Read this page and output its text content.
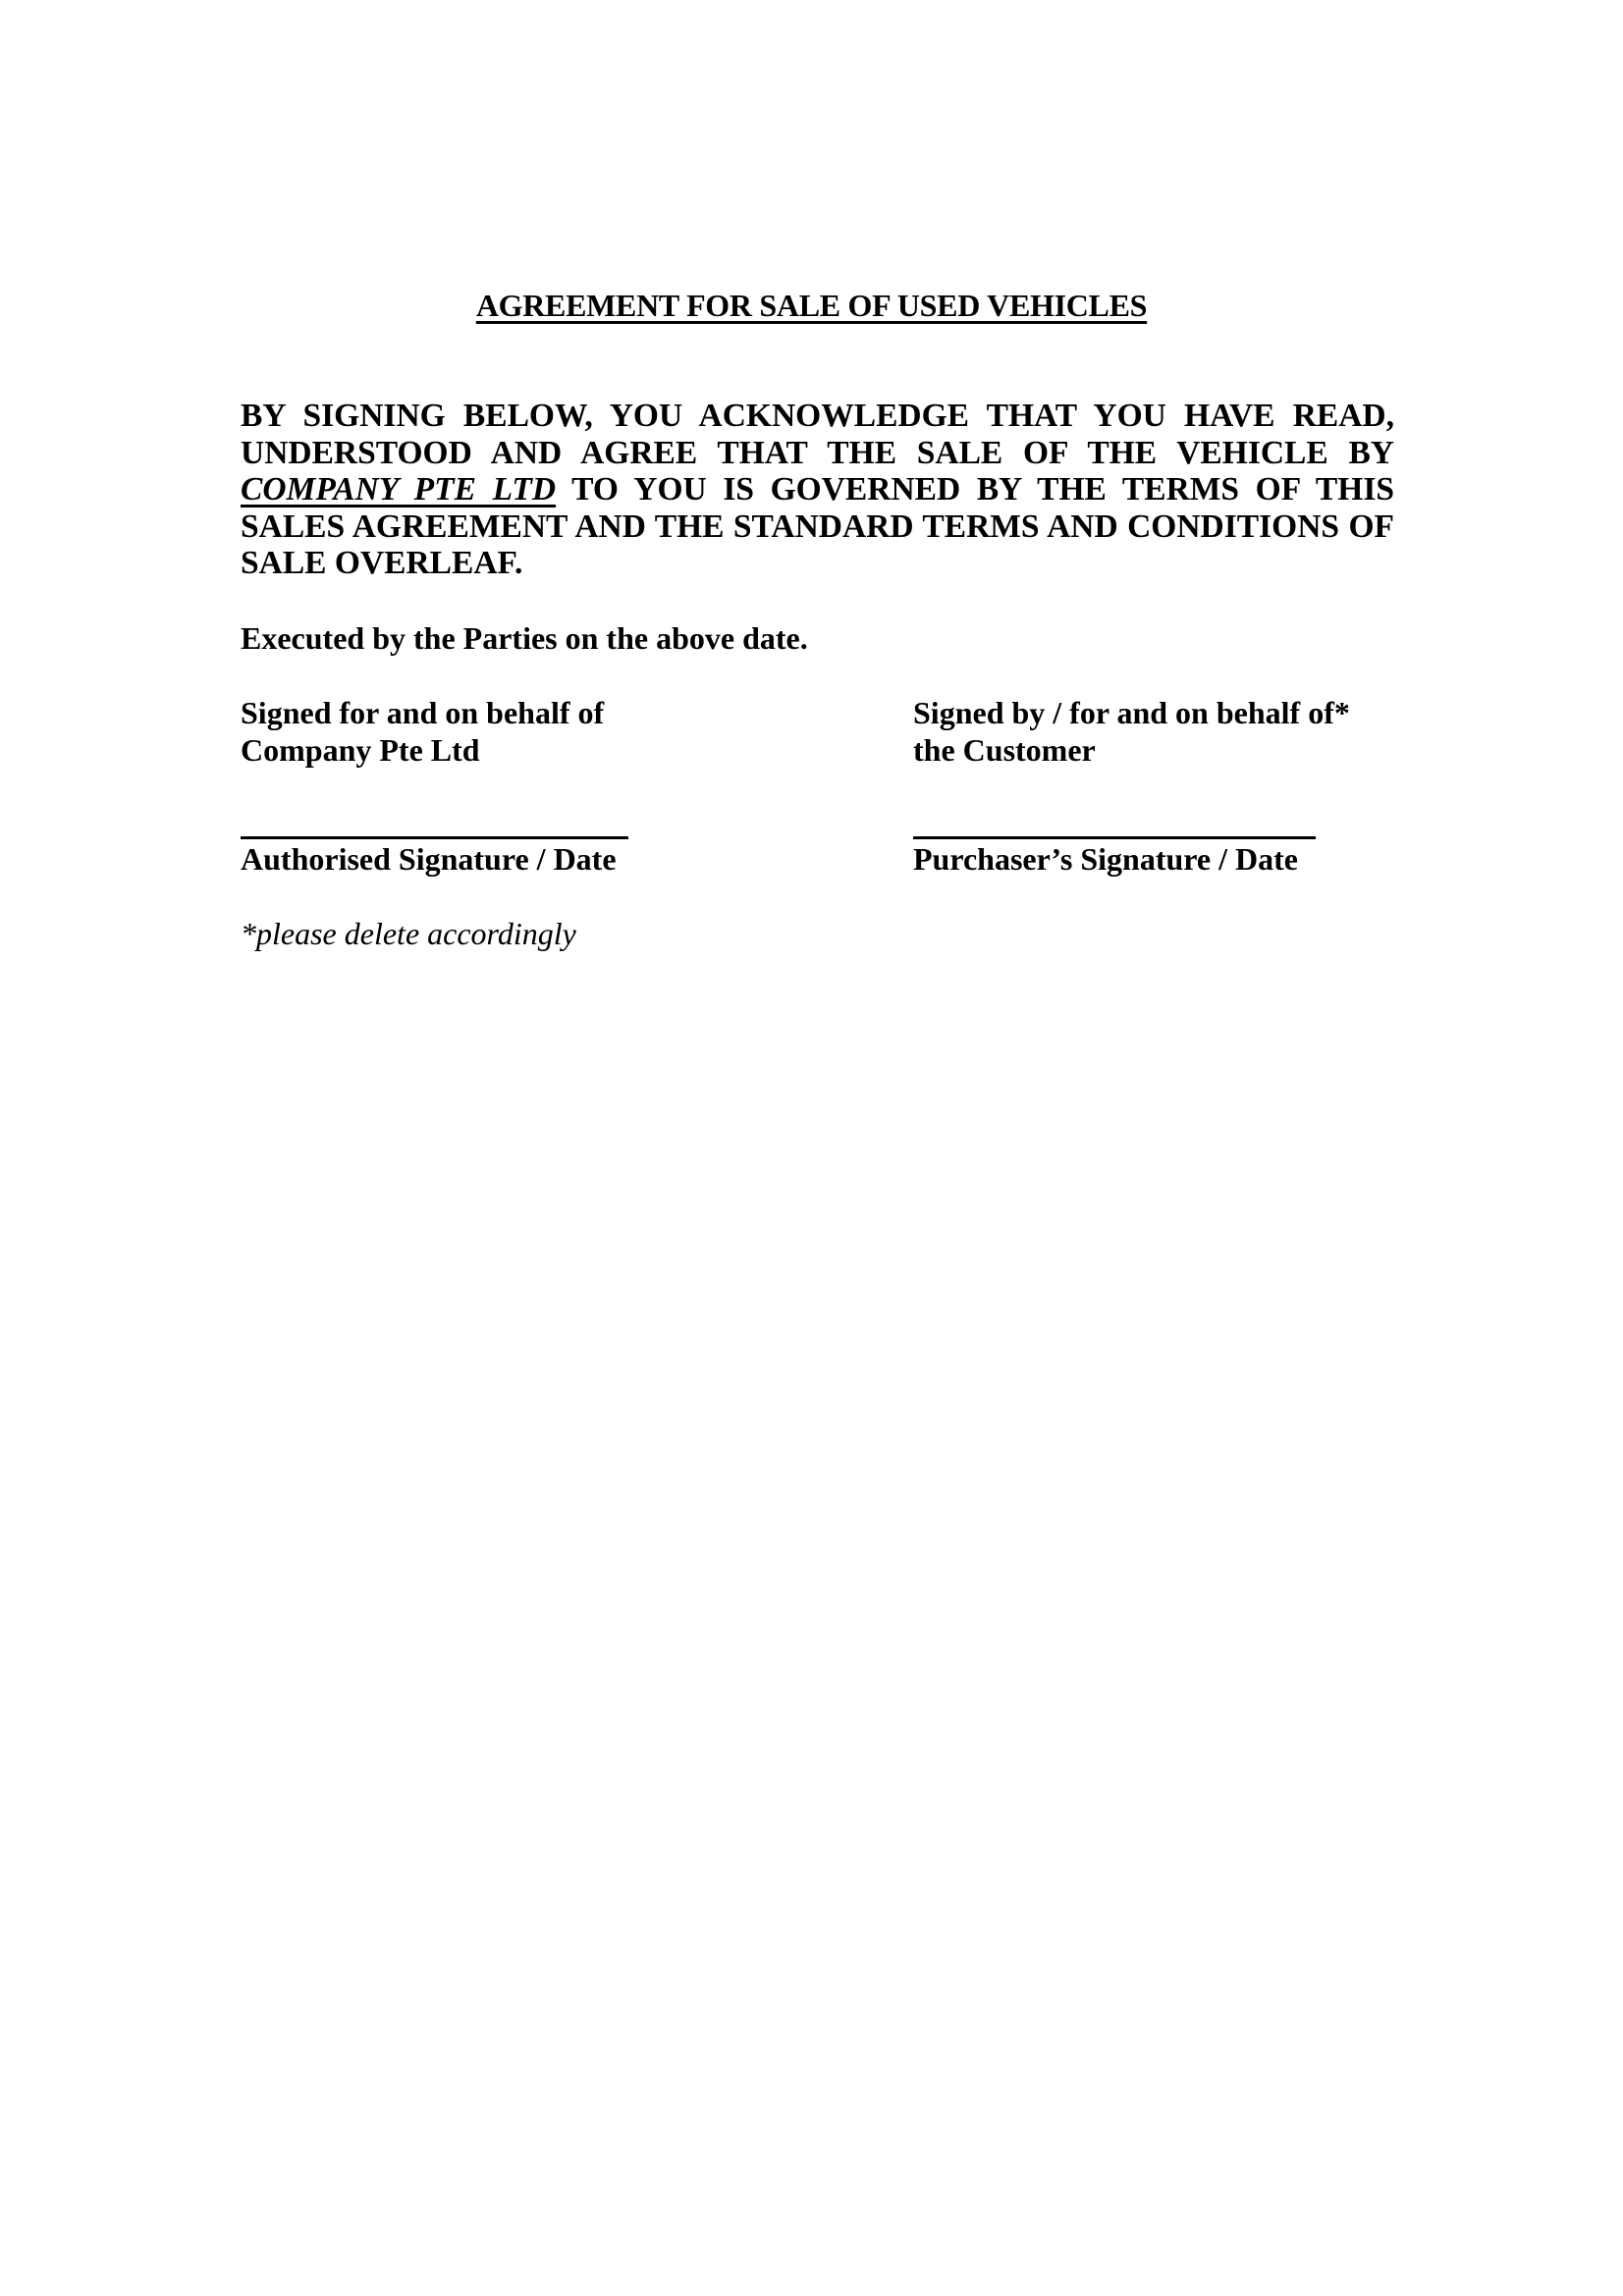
AGREEMENT FOR SALE OF USED VEHICLES
BY SIGNING BELOW, YOU ACKNOWLEDGE THAT YOU HAVE READ, UNDERSTOOD AND AGREE THAT THE SALE OF THE VEHICLE BY COMPANY PTE LTD TO YOU IS GOVERNED BY THE TERMS OF THIS SALES AGREEMENT AND THE STANDARD TERMS AND CONDITIONS OF SALE OVERLEAF.
Executed by the Parties on the above date.
Signed for and on behalf of
Company Pte Ltd
Signed by / for and on behalf of*
the Customer
Authorised Signature / Date	Purchaser’s Signature / Date
*please delete accordingly
